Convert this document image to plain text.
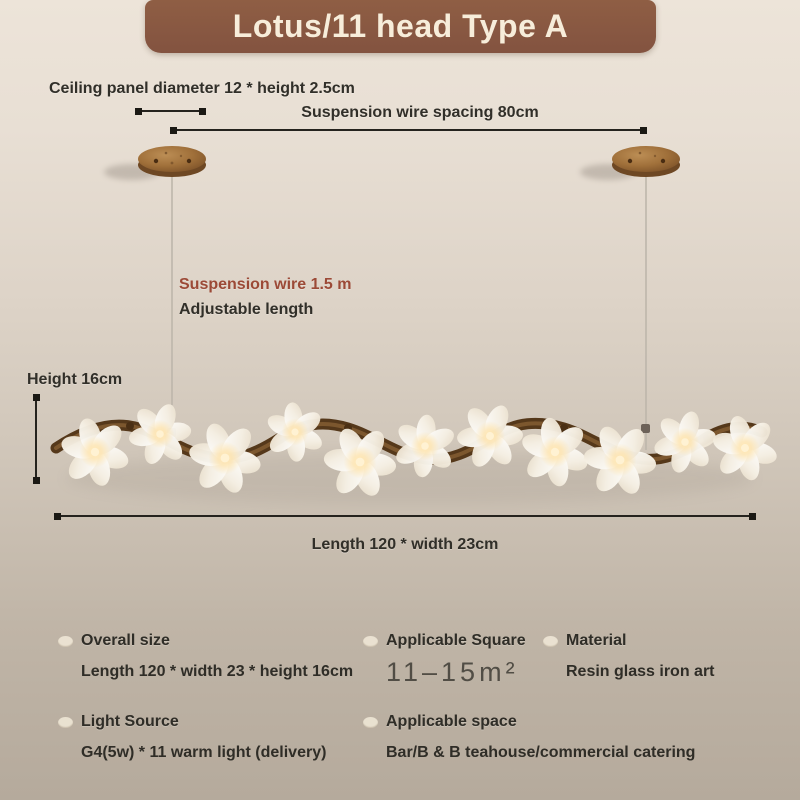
Lotus/11 head Type A
Ceiling panel diameter 12 * height 2.5cm
Suspension wire spacing 80cm
Suspension wire 1.5 m
Adjustable length
Height 16cm
Length 120 * width 23cm
Overall size
Length 120 * width 23 * height 16cm
Applicable Square
11–15m²
Material
Resin glass iron art
Light Source
G4(5w) * 11 warm light (delivery)
Applicable space
Bar/B & B teahouse/commercial catering
